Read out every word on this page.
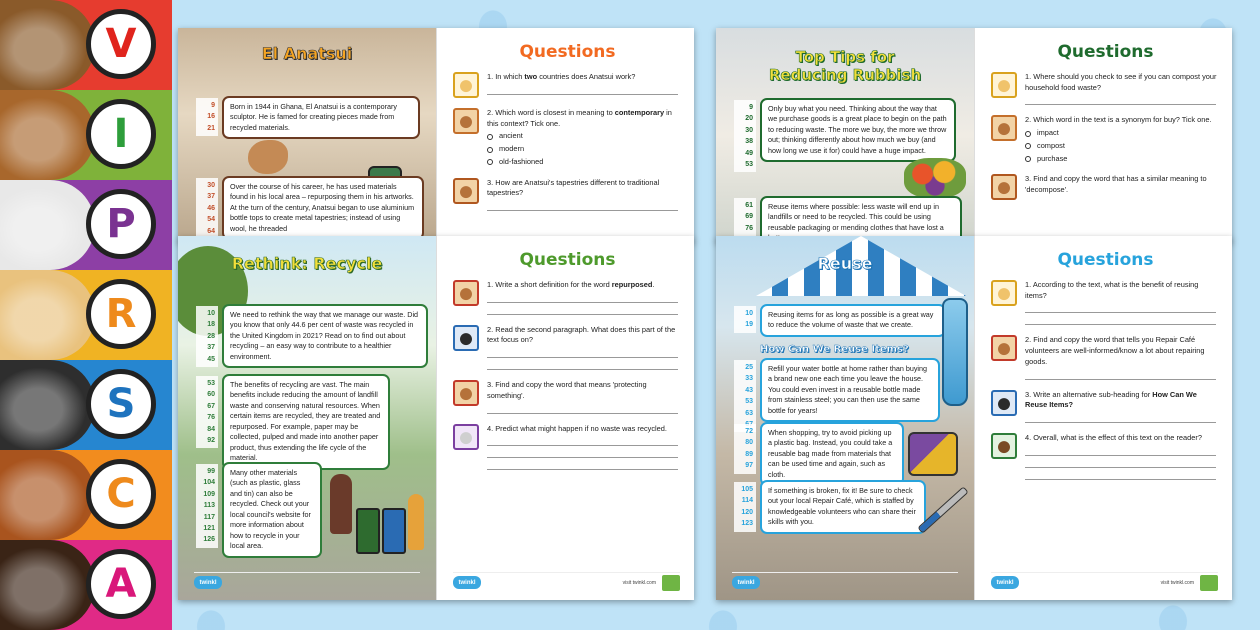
V
I
P
R
S
C
A
El Anatsui
9
16
21
Born in 1944 in Ghana, El Anatsui is a contemporary sculptor. He is famed for creating pieces made from recycled materials.
30
37
46
54
64
Over the course of his career, he has used materials found in his local area – repurposing them in his artworks. At the turn of the century, Anatsui began to use aluminium bottle tops to create metal tapestries; instead of using wool, he threaded
Questions
1. In which two countries does Anatsui work?
2. Which word is closest in meaning to contemporary in this context? Tick one.
ancient
modern
old-fashioned
3. How are Anatsui's tapestries different to traditional tapestries?
Top Tips for Reducing Rubbish
9
20
30
38
49
53
Only buy what you need. Thinking about the way that we purchase goods is a great place to begin on the path to reducing waste. The more we buy, the more we throw out; thinking differently about how much we buy (and how long we use it for) could have a huge impact.
61
69
76
Reuse items where possible: less waste will end up in landfills or need to be recycled. This could be using reusable packaging or mending clothes that have lost a
Questions
1. Where should you check to see if you can compost your household food waste?
2. Which word in the text is a synonym for buy? Tick one.
impact
compost
purchase
3. Find and copy the word that has a similar meaning to 'decompose'.
Rethink: Recycle
10
18
28
37
45
We need to rethink the way that we manage our waste. Did you know that only 44.6 per cent of waste was recycled in the United Kingdom in 2021? Read on to find out about recycling – an easy way to contribute to a healthier environment.
53
60
67
76
84
92
The benefits of recycling are vast. The main benefits include reducing the amount of landfill waste and conserving natural resources. When certain items are recycled, they are treated and repurposed. For example, paper may be collected, pulped and made into another paper product, thus extending the life cycle of the material.
99
104
109
113
117
121
126
Many other materials (such as plastic, glass and tin) can also be recycled. Check out your local council's website for more information about how to recycle in your local area.
Questions
1. Write a short definition for the word repurposed.
2. Read the second paragraph. What does this part of the text focus on?
3. Find and copy the word that means 'protecting something'.
4. Predict what might happen if no waste was recycled.
twinkl	visit twinkl.com
twinkl
Reuse
10
19
Reusing items for as long as possible is a great way to reduce the volume of waste that we create.
How Can We Reuse Items?
25
33
43
53
63
Refill your water bottle at home rather than buying a brand new one each time you leave the house. You could even invest in a reusable bottle made from stainless steel; you can then use the same bottle for years!
72
80
89
97
When shopping, try to avoid picking up a plastic bag. Instead, you could take a reusable bag made from materials that can be used time and again, such as cloth.
105
114
120
123
If something is broken, fix it! Be sure to check out your local Repair Café, which is staffed by knowledgeable volunteers who can share their skills with you.
Questions
1. According to the text, what is the benefit of reusing items?
2. Find and copy the word that tells you Repair Café volunteers are well-informed/know a lot about repairing goods.
3. Write an alternative sub-heading for How Can We Reuse Items?
4. Overall, what is the effect of this text on the reader?
twinkl	visit twinkl.com
twinkl
